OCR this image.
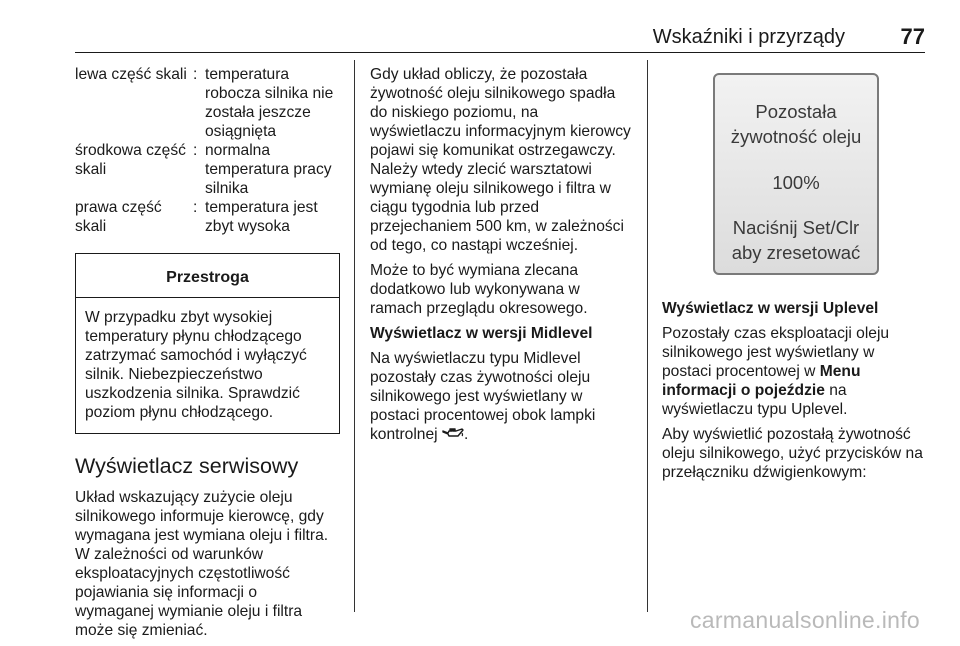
Wskaźniki i przyrządy	77
lewa część skali	:	temperatura robocza silnika nie została jeszcze osiągnięta
środkowa część skali	:	normalna temperatura pracy silnika
prawa część skali	:	temperatura jest zbyt wysoka
Przestroga
W przypadku zbyt wysokiej temperatury płynu chłodzącego zatrzymać samochód i wyłączyć silnik. Niebezpieczeństwo uszkodzenia silnika. Sprawdzić poziom płynu chłodzącego.
Wyświetlacz serwisowy

Układ wskazujący zużycie oleju silnikowego informuje kierowcę, gdy wymagana jest wymiana oleju i filtra. W zależności od warunków eksploatacyjnych częstotliwość pojawiania się informacji o wymaganej wymianie oleju i filtra może się zmieniać.

Gdy układ obliczy, że pozostała żywotność oleju silnikowego spadła do niskiego poziomu, na wyświetlaczu informacyjnym kierowcy pojawi się komunikat ostrzegawczy. Należy wtedy zlecić warsztatowi wymianę oleju silnikowego i filtra w ciągu tygodnia lub przed przejechaniem 500 km, w zależności od tego, co nastąpi wcześniej.

Może to być wymiana zlecana dodatkowo lub wykonywana w ramach przeglądu okresowego.

Wyświetlacz w wersji Midlevel

Na wyświetlaczu typu Midlevel pozostały czas żywotności oleju silnikowego jest wyświetlany w postaci procentowej obok lampki kontrolnej .

Pozostała
żywotność oleju
100%
Naciśnij Set/Clr
aby zresetować

Wyświetlacz w wersji Uplevel

Pozostały czas eksploatacji oleju silnikowego jest wyświetlany w postaci procentowej w Menu informacji o pojeździe na wyświetlaczu typu Uplevel.

Aby wyświetlić pozostałą żywotność oleju silnikowego, użyć przycisków na przełączniku dźwigienkowym:

carmanualsonline.info
